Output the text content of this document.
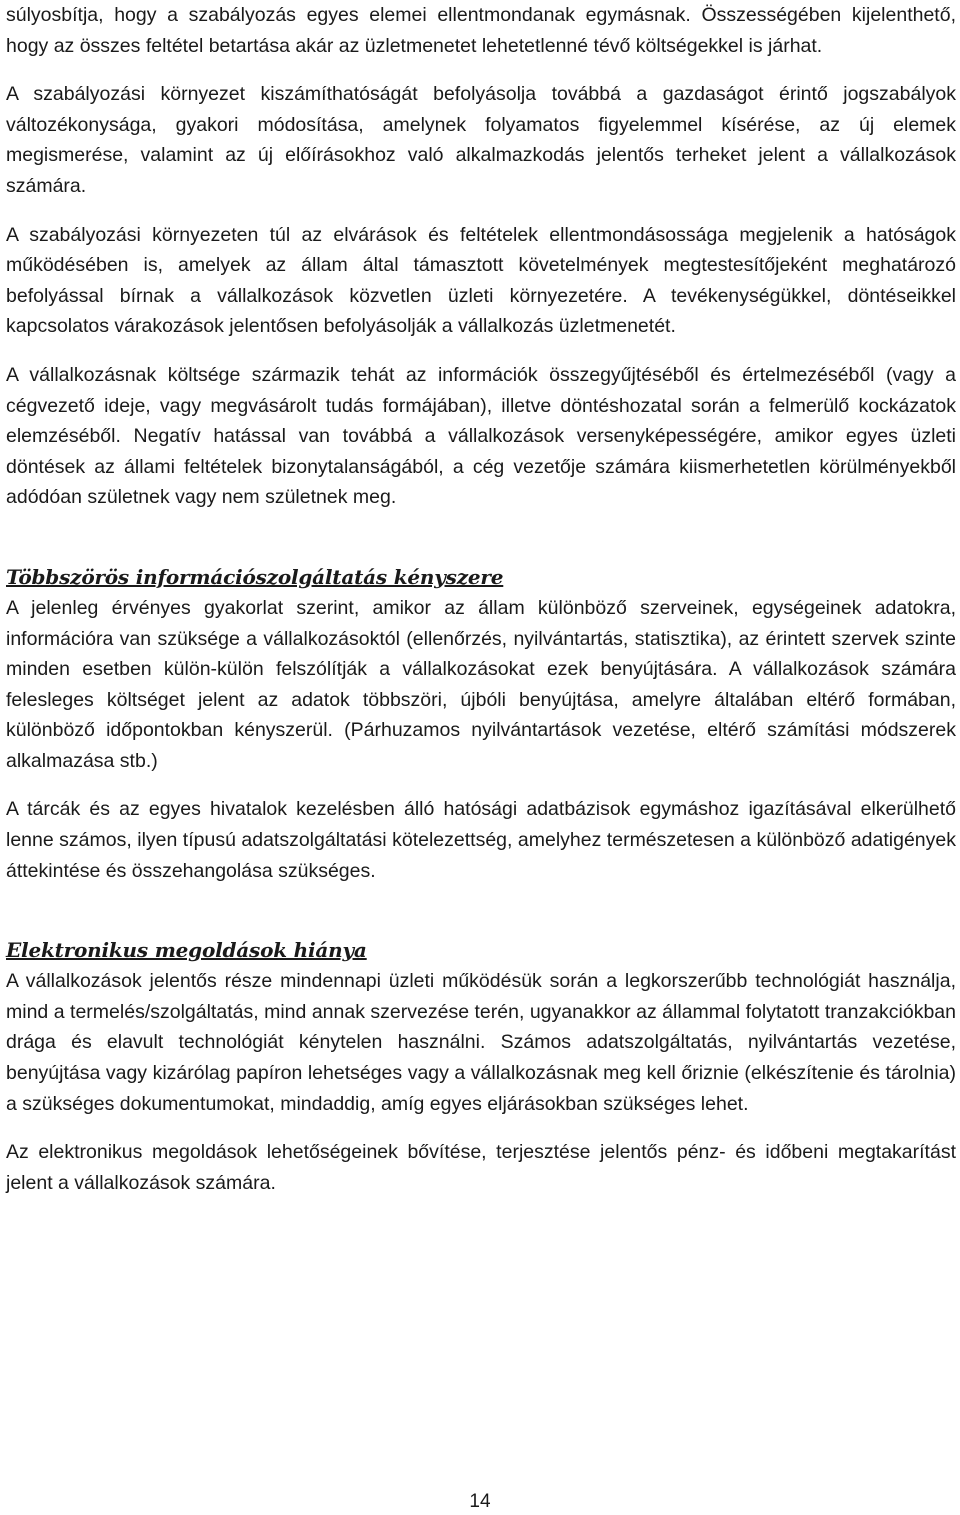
súlyosbítja, hogy a szabályozás egyes elemei ellentmondanak egymásnak. Összességében kijelenthető, hogy az összes feltétel betartása akár az üzletmenetet lehetetlenné tévő költségekkel is járhat.

A szabályozási környezet kiszámíthatóságát befolyásolja továbbá a gazdaságot érintő jogszabályok változékonysága, gyakori módosítása, amelynek folyamatos figyelemmel kísérése, az új elemek megismerése, valamint az új előírásokhoz való alkalmazkodás jelentős terheket jelent a vállalkozások számára.

A szabályozási környezeten túl az elvárások és feltételek ellentmondásossága megjelenik a hatóságok működésében is, amelyek az állam által támasztott követelmények megtestesítőjeként meghatározó befolyással bírnak a vállalkozások közvetlen üzleti környezetére. A tevékenységükkel, döntéseikkel kapcsolatos várakozások jelentősen befolyásolják a vállalkozás üzletmenetét.

A vállalkozásnak költsége származik tehát az információk összegyűjtéséből és értelmezéséből (vagy a cégvezető ideje, vagy megvásárolt tudás formájában), illetve döntéshozatal során a felmerülő kockázatok elemzéséből. Negatív hatással van továbbá a vállalkozások versenyképességére, amikor egyes üzleti döntések az állami feltételek bizonytalanságából, a cég vezetője számára kiismerhetetlen körülményekből adódóan születnek vagy nem születnek meg.

Többszörös információszolgáltatás kényszere

A jelenleg érvényes gyakorlat szerint, amikor az állam különböző szerveinek, egységeinek adatokra, információra van szüksége a vállalkozásoktól (ellenőrzés, nyilvántartás, statisztika), az érintett szervek szinte minden esetben külön-külön felszólítják a vállalkozásokat ezek benyújtására. A vállalkozások számára felesleges költséget jelent az adatok többszöri, újbóli benyújtása, amelyre általában eltérő formában, különböző időpontokban kényszerül. (Párhuzamos nyilvántartások vezetése, eltérő számítási módszerek alkalmazása stb.)

A tárcák és az egyes hivatalok kezelésben álló hatósági adatbázisok egymáshoz igazításával elkerülhető lenne számos, ilyen típusú adatszolgáltatási kötelezettség, amelyhez természetesen a különböző adatigények áttekintése és összehangolása szükséges.

Elektronikus megoldások hiánya

A vállalkozások jelentős része mindennapi üzleti működésük során a legkorszerűbb technológiát használja, mind a termelés/szolgáltatás, mind annak szervezése terén, ugyanakkor az állammal folytatott tranzakciókban drága és elavult technológiát kénytelen használni. Számos adatszolgáltatás, nyilvántartás vezetése, benyújtása vagy kizárólag papíron lehetséges vagy a vállalkozásnak meg kell őriznie (elkészítenie és tárolnia) a szükséges dokumentumokat, mindaddig, amíg egyes eljárásokban szükséges lehet.

Az elektronikus megoldások lehetőségeinek bővítése, terjesztése jelentős pénz- és időbeni megtakarítást jelent a vállalkozások számára.

14
